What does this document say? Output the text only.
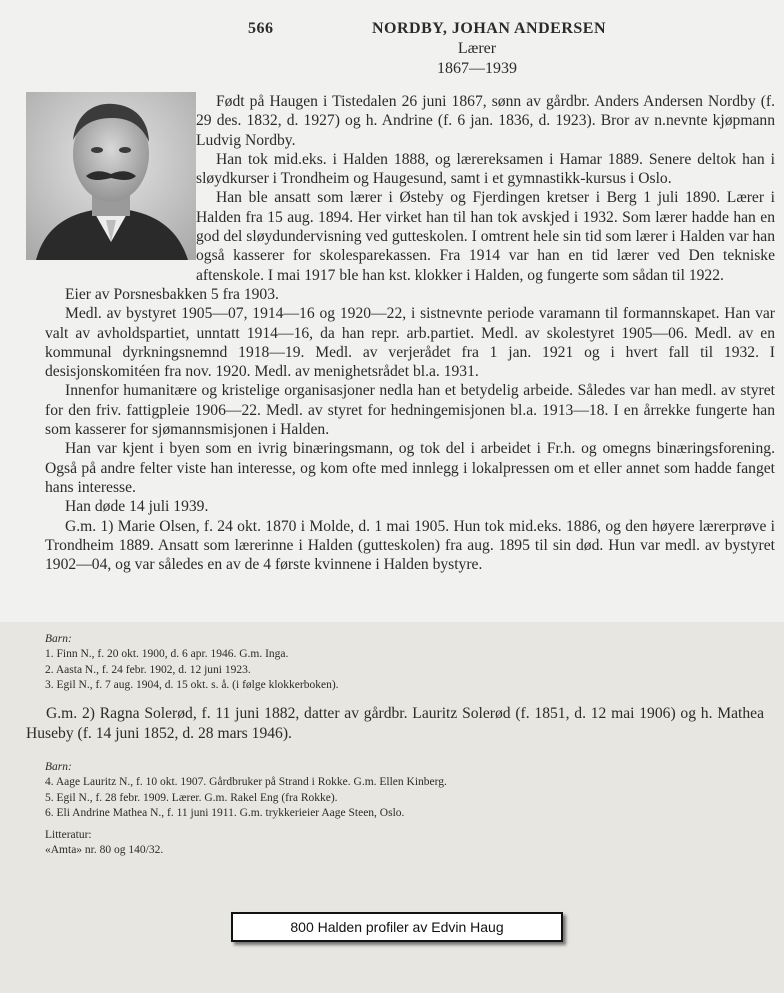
566	NORDBY, JOHAN ANDERSEN
Lærer
1867—1939

Født på Haugen i Tistedalen 26 juni 1867, sønn av gårdbr. Anders Andersen Nordby (f. 29 des. 1832, d. 1927) og h. Andrine (f. 6 jan. 1836, d. 1923). Bror av n.nevnte kjøpmann Ludvig Nordby.

Han tok mid.eks. i Halden 1888, og lærereksamen i Hamar 1889. Senere deltok han i sløydkurser i Trondheim og Haugesund, samt i et gymnastikk-kursus i Oslo.

Han ble ansatt som lærer i Østeby og Fjerdingen kretser i Berg 1 juli 1890. Lærer i Halden fra 15 aug. 1894. Her virket han til han tok avskjed i 1932. Som lærer hadde han en god del sløydundervisning ved gutteskolen. I omtrent hele sin tid som lærer i Halden var han også kasserer for skolesparekassen. Fra 1914 var han en tid lærer ved Den tekniske aftenskole. I mai 1917 ble han kst. klokker i Halden, og fungerte som sådan til 1922.

Eier av Porsnesbakken 5 fra 1903.

Medl. av bystyret 1905—07, 1914—16 og 1920—22, i sistnevnte periode varamann til formannskapet. Han var valt av avholdspartiet, unntatt 1914—16, da han repr. arb.partiet. Medl. av skolestyret 1905—06. Medl. av en kommunal dyrkningsnemnd 1918—19. Medl. av verjerådet fra 1 jan. 1921 og i hvert fall til 1932. I desisjonskomitéen fra nov. 1920. Medl. av menighetsrådet bl.a. 1931.

Innenfor humanitære og kristelige organisasjoner nedla han et betydelig arbeide. Således var han medl. av styret for den friv. fattigpleie 1906—22. Medl. av styret for hedningemisjonen bl.a. 1913—18. I en årrekke fungerte han som kasserer for sjømannsmisjonen i Halden.

Han var kjent i byen som en ivrig binæringsmann, og tok del i arbeidet i Fr.h. og omegns binæringsforening. Også på andre felter viste han interesse, og kom ofte med innlegg i lokalpressen om et eller annet som hadde fanget hans interesse.

Han døde 14 juli 1939.

G.m. 1) Marie Olsen, f. 24 okt. 1870 i Molde, d. 1 mai 1905. Hun tok mid.eks. 1886, og den høyere lærerprøve i Trondheim 1889. Ansatt som lærerinne i Halden (gutteskolen) fra aug. 1895 til sin død. Hun var medl. av bystyret 1902—04, og var således en av de 4 første kvinnene i Halden bystyre.

Barn:
1. Finn N., f. 20 okt. 1900, d. 6 apr. 1946. G.m. Inga.
2. Aasta N., f. 24 febr. 1902, d. 12 juni 1923.
3. Egil N., f. 7 aug. 1904, d. 15 okt. s. å. (i følge klokkerboken).
G.m. 2) Ragna Solerød, f. 11 juni 1882, datter av gårdbr. Lauritz Solerød (f. 1851, d. 12 mai 1906) og h. Mathea Huseby (f. 14 juni 1852, d. 28 mars 1946).
Barn:
4. Aage Lauritz N., f. 10 okt. 1907. Gårdbruker på Strand i Rokke. G.m. Ellen Kinberg.
5. Egil N., f. 28 febr. 1909. Lærer. G.m. Rakel Eng (fra Rokke).
6. Eli Andrine Mathea N., f. 11 juni 1911. G.m. trykkerieier Aage Steen, Oslo.
Litteratur:
«Amta» nr. 80 og 140/32.
800 Halden profiler av Edvin Haug
